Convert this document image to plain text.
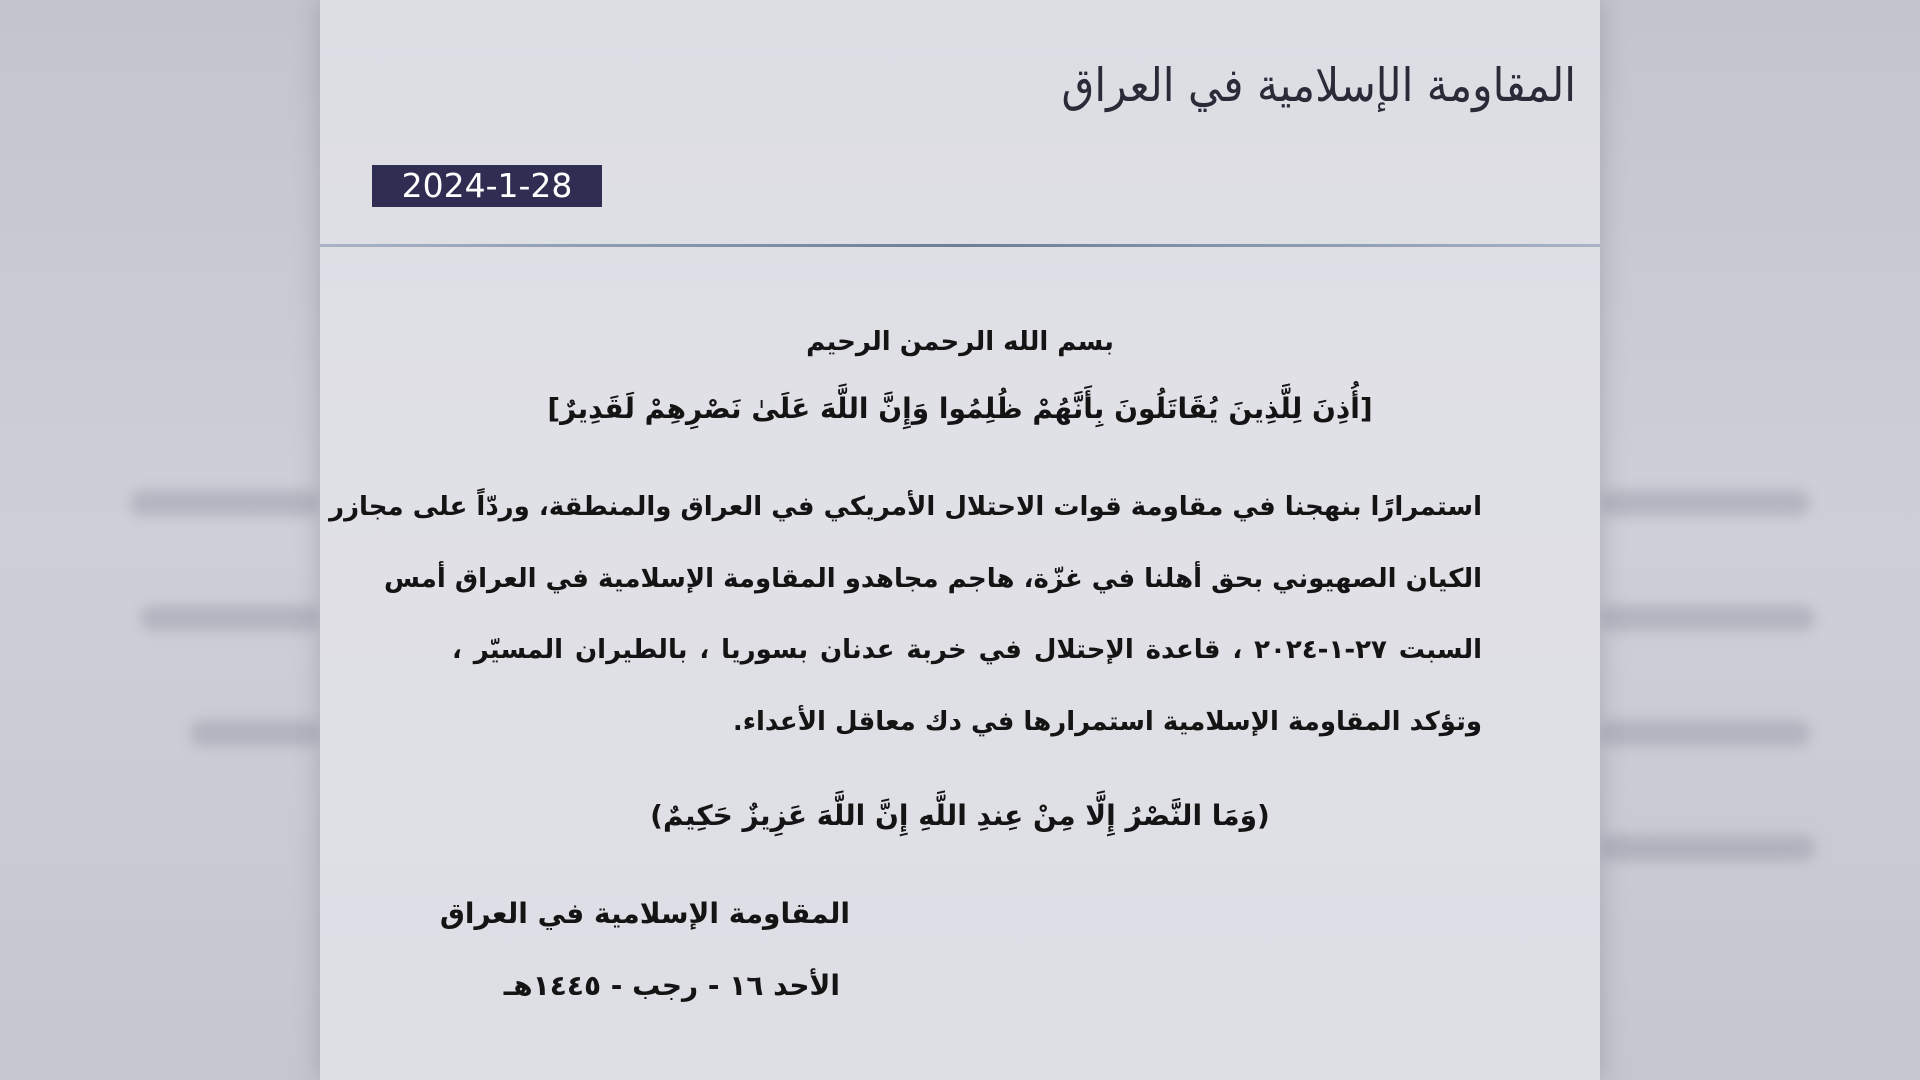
المقاومة الإسلامية في العراق
2024-1-28
بسم الله الرحمن الرحيم
[أُذِنَ لِلَّذِينَ يُقَاتَلُونَ بِأَنَّهُمْ ظُلِمُوا وَإِنَّ اللَّهَ عَلَىٰ نَصْرِهِمْ لَقَدِيرٌ]
استمرارًا بنهجنا في مقاومة قوات الاحتلال الأمريكي في العراق والمنطقة، وردّاً على مجازر
الكيان الصهيوني بحق أهلنا في غزّة، هاجم مجاهدو المقاومة الإسلامية في العراق أمس
السبت ٢٧-١-٢٠٢٤ ، قاعدة الإحتلال في خربة عدنان بسوريا ، بالطيران المسيّر ،
وتؤكد المقاومة الإسلامية استمرارها في دك معاقل الأعداء.
(وَمَا النَّصْرُ إِلَّا مِنْ عِندِ اللَّهِ إِنَّ اللَّهَ عَزِيزٌ حَكِيمٌ)
المقاومة الإسلامية في العراق
الأحد ١٦ - رجب - ١٤٤٥هـ
